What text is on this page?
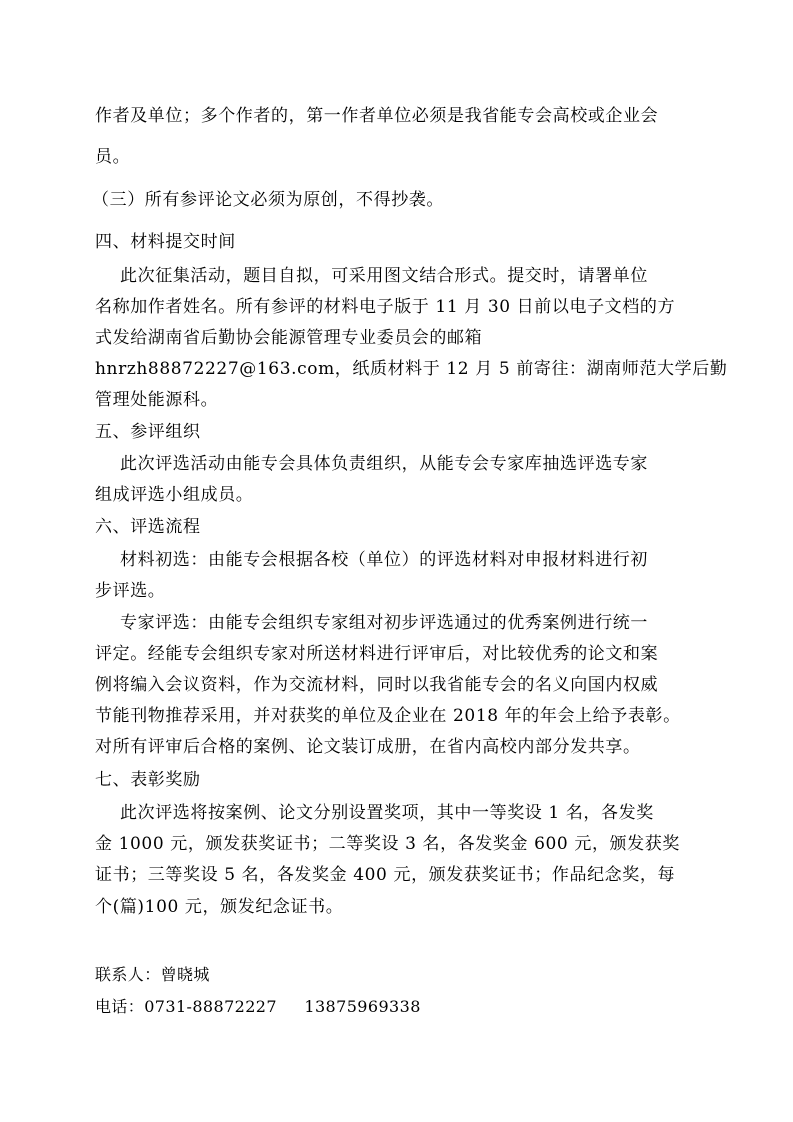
作者及单位；多个作者的，第一作者单位必须是我省能专会高校或企业会
员。
（三）所有参评论文必须为原创，不得抄袭。
四、材料提交时间
此次征集活动，题目自拟，可采用图文结合形式。提交时，请署单位
名称加作者姓名。所有参评的材料电子版于 11 月 30 日前以电子文档的方
式发给湖南省后勤协会能源管理专业委员会的邮箱
hnrzh88872227@163.com，纸质材料于 12 月 5 前寄往：湖南师范大学后勤
管理处能源科。
五、参评组织
此次评选活动由能专会具体负责组织，从能专会专家库抽选评选专家
组成评选小组成员。
六、评选流程
材料初选：由能专会根据各校（单位）的评选材料对申报材料进行初
步评选。
专家评选：由能专会组织专家组对初步评选通过的优秀案例进行统一
评定。经能专会组织专家对所送材料进行评审后，对比较优秀的论文和案
例将编入会议资料，作为交流材料，同时以我省能专会的名义向国内权威
节能刊物推荐采用，并对获奖的单位及企业在 2018 年的年会上给予表彰。
对所有评审后合格的案例、论文装订成册，在省内高校内部分发共享。
七、表彰奖励
此次评选将按案例、论文分别设置奖项，其中一等奖设 1 名，各发奖
金 1000 元，颁发获奖证书；二等奖设 3 名，各发奖金 600 元，颁发获奖
证书；三等奖设 5 名，各发奖金 400 元，颁发获奖证书；作品纪念奖，每
个(篇)100 元，颁发纪念证书。
联系人：曾晓城
电话：0731-88872227     13875969338
